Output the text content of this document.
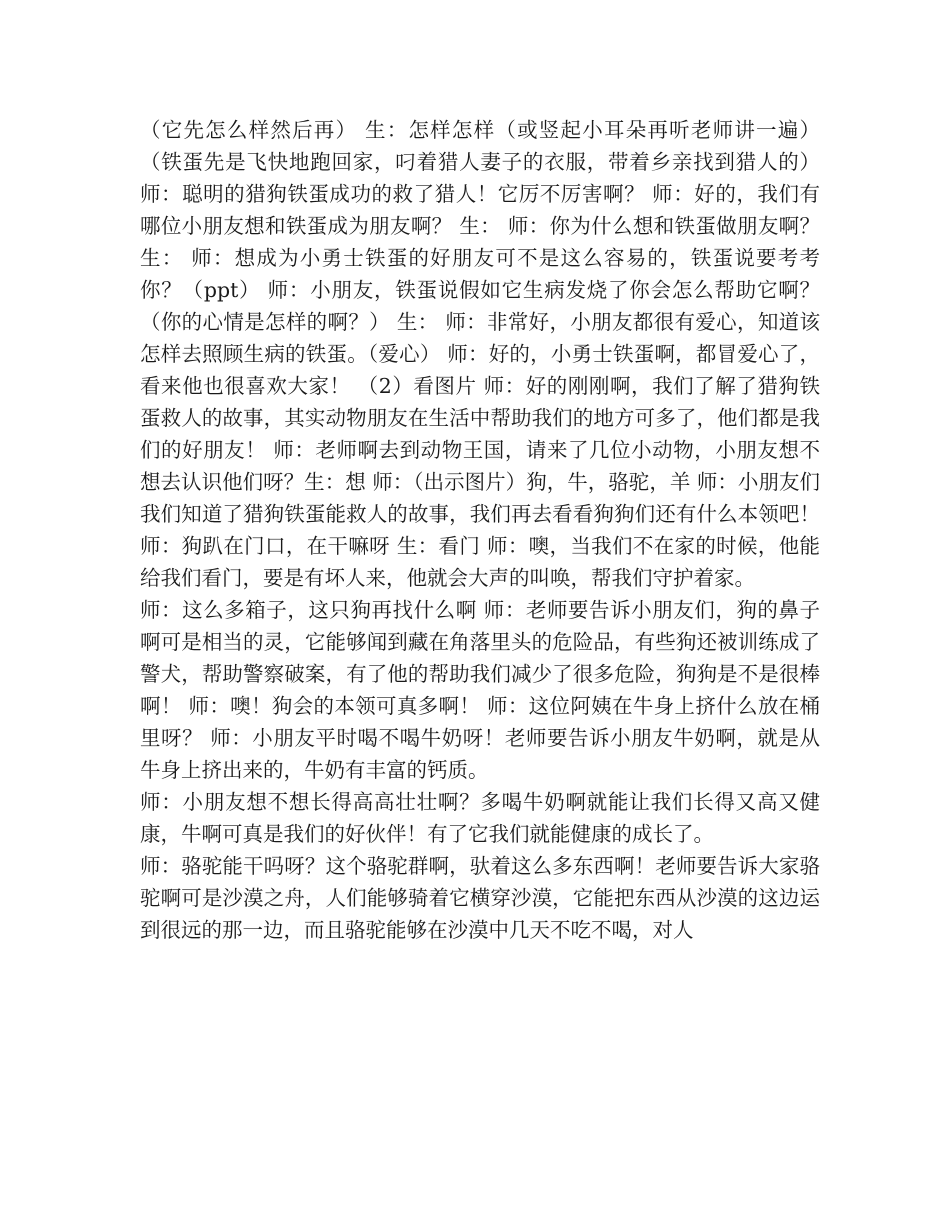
（它先怎么样然后再） 生：怎样怎样（或竖起小耳朵再听老师讲一遍） （铁蛋先是飞快地跑回家，叼着猎人妻子的衣服，带着乡亲找到猎人的） 师：聪明的猎狗铁蛋成功的救了猎人！它厉不厉害啊？ 师：好的，我们有哪位小朋友想和铁蛋成为朋友啊？ 生： 师：你为什么想和铁蛋做朋友啊？ 生： 师：想成为小勇士铁蛋的好朋友可不是这么容易的，铁蛋说要考考你？（ppt） 师：小朋友，铁蛋说假如它生病发烧了你会怎么帮助它啊？（你的心情是怎样的啊？） 生： 师：非常好，小朋友都很有爱心，知道该怎样去照顾生病的铁蛋。（爱心） 师：好的，小勇士铁蛋啊，都冒爱心了，看来他也很喜欢大家！ （2）看图片 师：好的刚刚啊，我们了解了猎狗铁蛋救人的故事，其实动物朋友在生活中帮助我们的地方可多了，他们都是我们的好朋友！ 师：老师啊去到动物王国，请来了几位小动物，小朋友想不想去认识他们呀？生：想 师：（出示图片）狗，牛，骆驼，羊 师：小朋友们我们知道了猎狗铁蛋能救人的故事，我们再去看看狗狗们还有什么本领吧！ 师：狗趴在门口，在干嘛呀 生：看门 师：噢，当我们不在家的时候，他能给我们看门，要是有坏人来，他就会大声的叫唤，帮我们守护着家。

师：这么多箱子，这只狗再找什么啊 师：老师要告诉小朋友们，狗的鼻子啊可是相当的灵，它能够闻到藏在角落里头的危险品，有些狗还被训练成了警犬，帮助警察破案，有了他的帮助我们减少了很多危险，狗狗是不是很棒啊！ 师：噢！狗会的本领可真多啊！ 师：这位阿姨在牛身上挤什么放在桶里呀？ 师：小朋友平时喝不喝牛奶呀！老师要告诉小朋友牛奶啊，就是从牛身上挤出来的，牛奶有丰富的钙质。

师：小朋友想不想长得高高壮壮啊？多喝牛奶啊就能让我们长得又高又健康，牛啊可真是我们的好伙伴！有了它我们就能健康的成长了。

师：骆驼能干吗呀？这个骆驼群啊，驮着这么多东西啊！老师要告诉大家骆驼啊可是沙漠之舟，人们能够骑着它横穿沙漠，它能把东西从沙漠的这边运到很远的那一边，而且骆驼能够在沙漠中几天不吃不喝，对人
